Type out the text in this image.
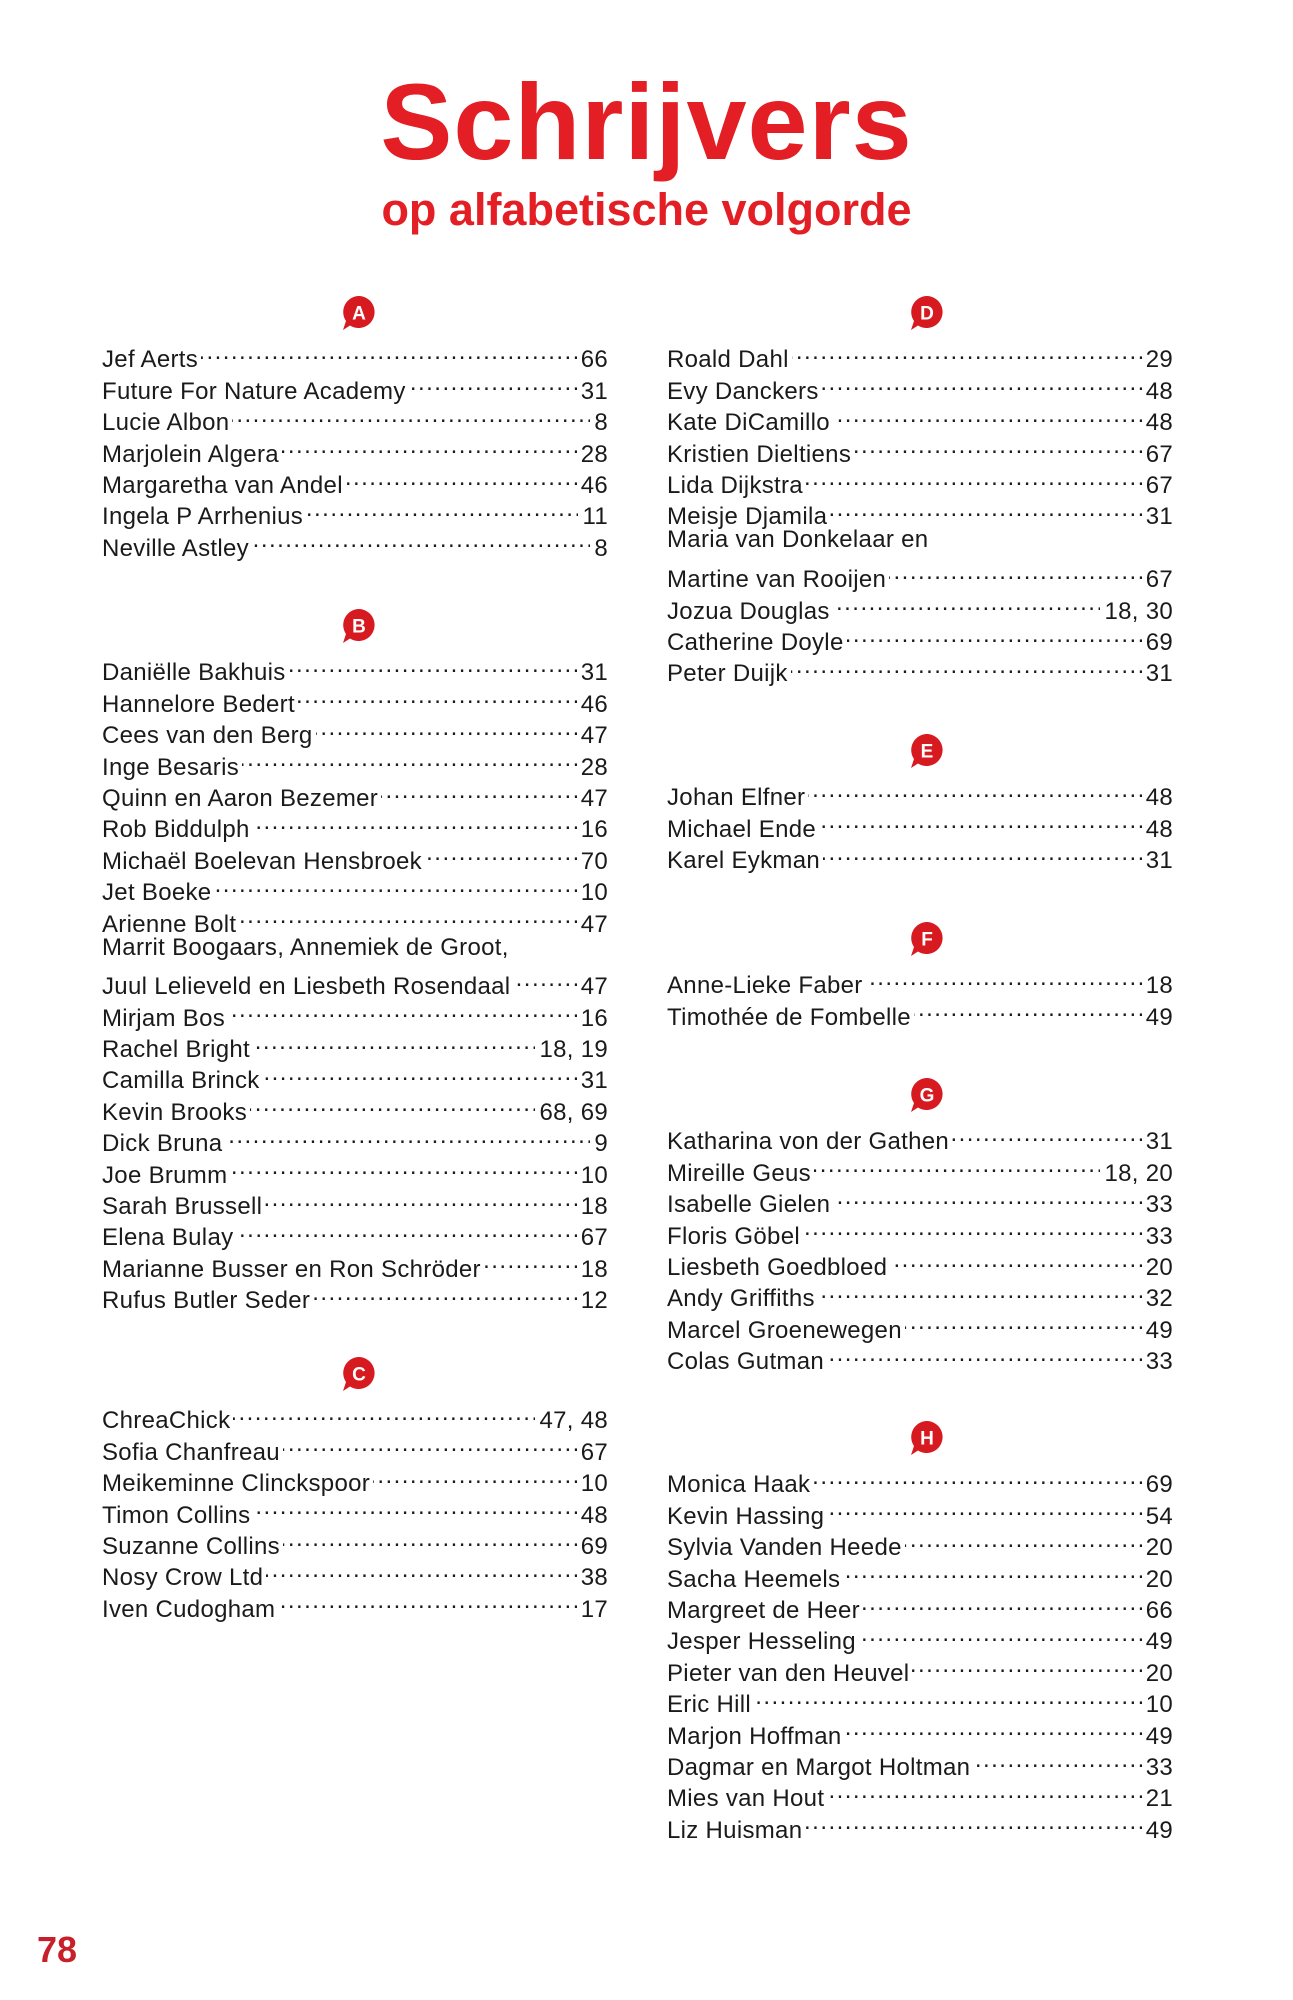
Schrijvers
op alfabetische volgorde
A
Jef Aerts . . .	66
Future For Nature Academy . . .	31
Lucie Albon . . .	8
Marjolein Algera . . .	28
Margaretha van Andel . . .	46
Ingela P Arrhenius . . .	11
Neville Astley . . .	8
B
Daniëlle Bakhuis . . .	31
Hannelore Bedert . . .	46
Cees van den Berg . . .	47
Inge Besaris . . .	28
Quinn en Aaron Bezemer . . .	47
Rob Biddulph . . .	16
Michaël Boelevan Hensbroek . . .	70
Jet Boeke . . .	10
Arienne Bolt . . .	47
Marrit Boogaars, Annemiek de Groot,
Juul Lelieveld en Liesbeth Rosendaal . . .	47
Mirjam Bos . . .	16
Rachel Bright . . .	18, 19
Camilla Brinck . . .	31
Kevin Brooks . . .	68, 69
Dick Bruna . . .	9
Joe Brumm . . .	10
Sarah Brussell . . .	18
Elena Bulay . . .	67
Marianne Busser en Ron Schröder . . .	18
Rufus Butler Seder . . .	12
C
ChreaChick . . .	47, 48
Sofia Chanfreau . . .	67
Meikeminne Clinckspoor . . .	10
Timon Collins . . .	48
Suzanne Collins . . .	69
Nosy Crow Ltd . . .	38
Iven Cudogham . . .	17
D
Roald Dahl . . .	29
Evy Danckers . . .	48
Kate DiCamillo . . .	48
Kristien Dieltiens . . .	67
Lida Dijkstra . . .	67
Meisje Djamila . . .	31
Maria van Donkelaar en
Martine van Rooijen . . .	67
Jozua Douglas . . .	18, 30
Catherine Doyle . . .	69
Peter Duijk . . .	31
E
Johan Elfner . . .	48
Michael Ende . . .	48
Karel Eykman . . .	31
F
Anne-Lieke Faber . . .	18
Timothée de Fombelle . . .	49
G
Katharina von der Gathen . . .	31
Mireille Geus . . .	18, 20
Isabelle Gielen . . .	33
Floris Göbel . . .	33
Liesbeth Goedbloed . . .	20
Andy Griffiths . . .	32
Marcel Groenewegen . . .	49
Colas Gutman . . .	33
H
Monica Haak . . .	69
Kevin Hassing . . .	54
Sylvia Vanden Heede . . .	20
Sacha Heemels . . .	20
Margreet de Heer . . .	66
Jesper Hesseling . . .	49
Pieter van den Heuvel . . .	20
Eric Hill . . .	10
Marjon Hoffman . . .	49
Dagmar en Margot Holtman . . .	33
Mies van Hout . . .	21
Liz Huisman . . .	49
78
